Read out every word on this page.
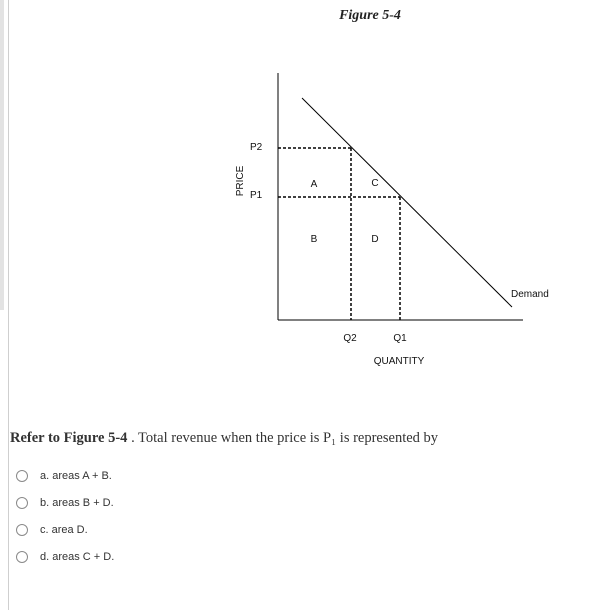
Figure 5-4
PRICE
QUANTITY
P2
P1
Q2	Q1
A	C
B	D
Demand
Refer to Figure 5-4 . Total revenue when the price is P₁ is represented by
a. areas A + B.
b. areas B + D.
c. area D.
d. areas C + D.
